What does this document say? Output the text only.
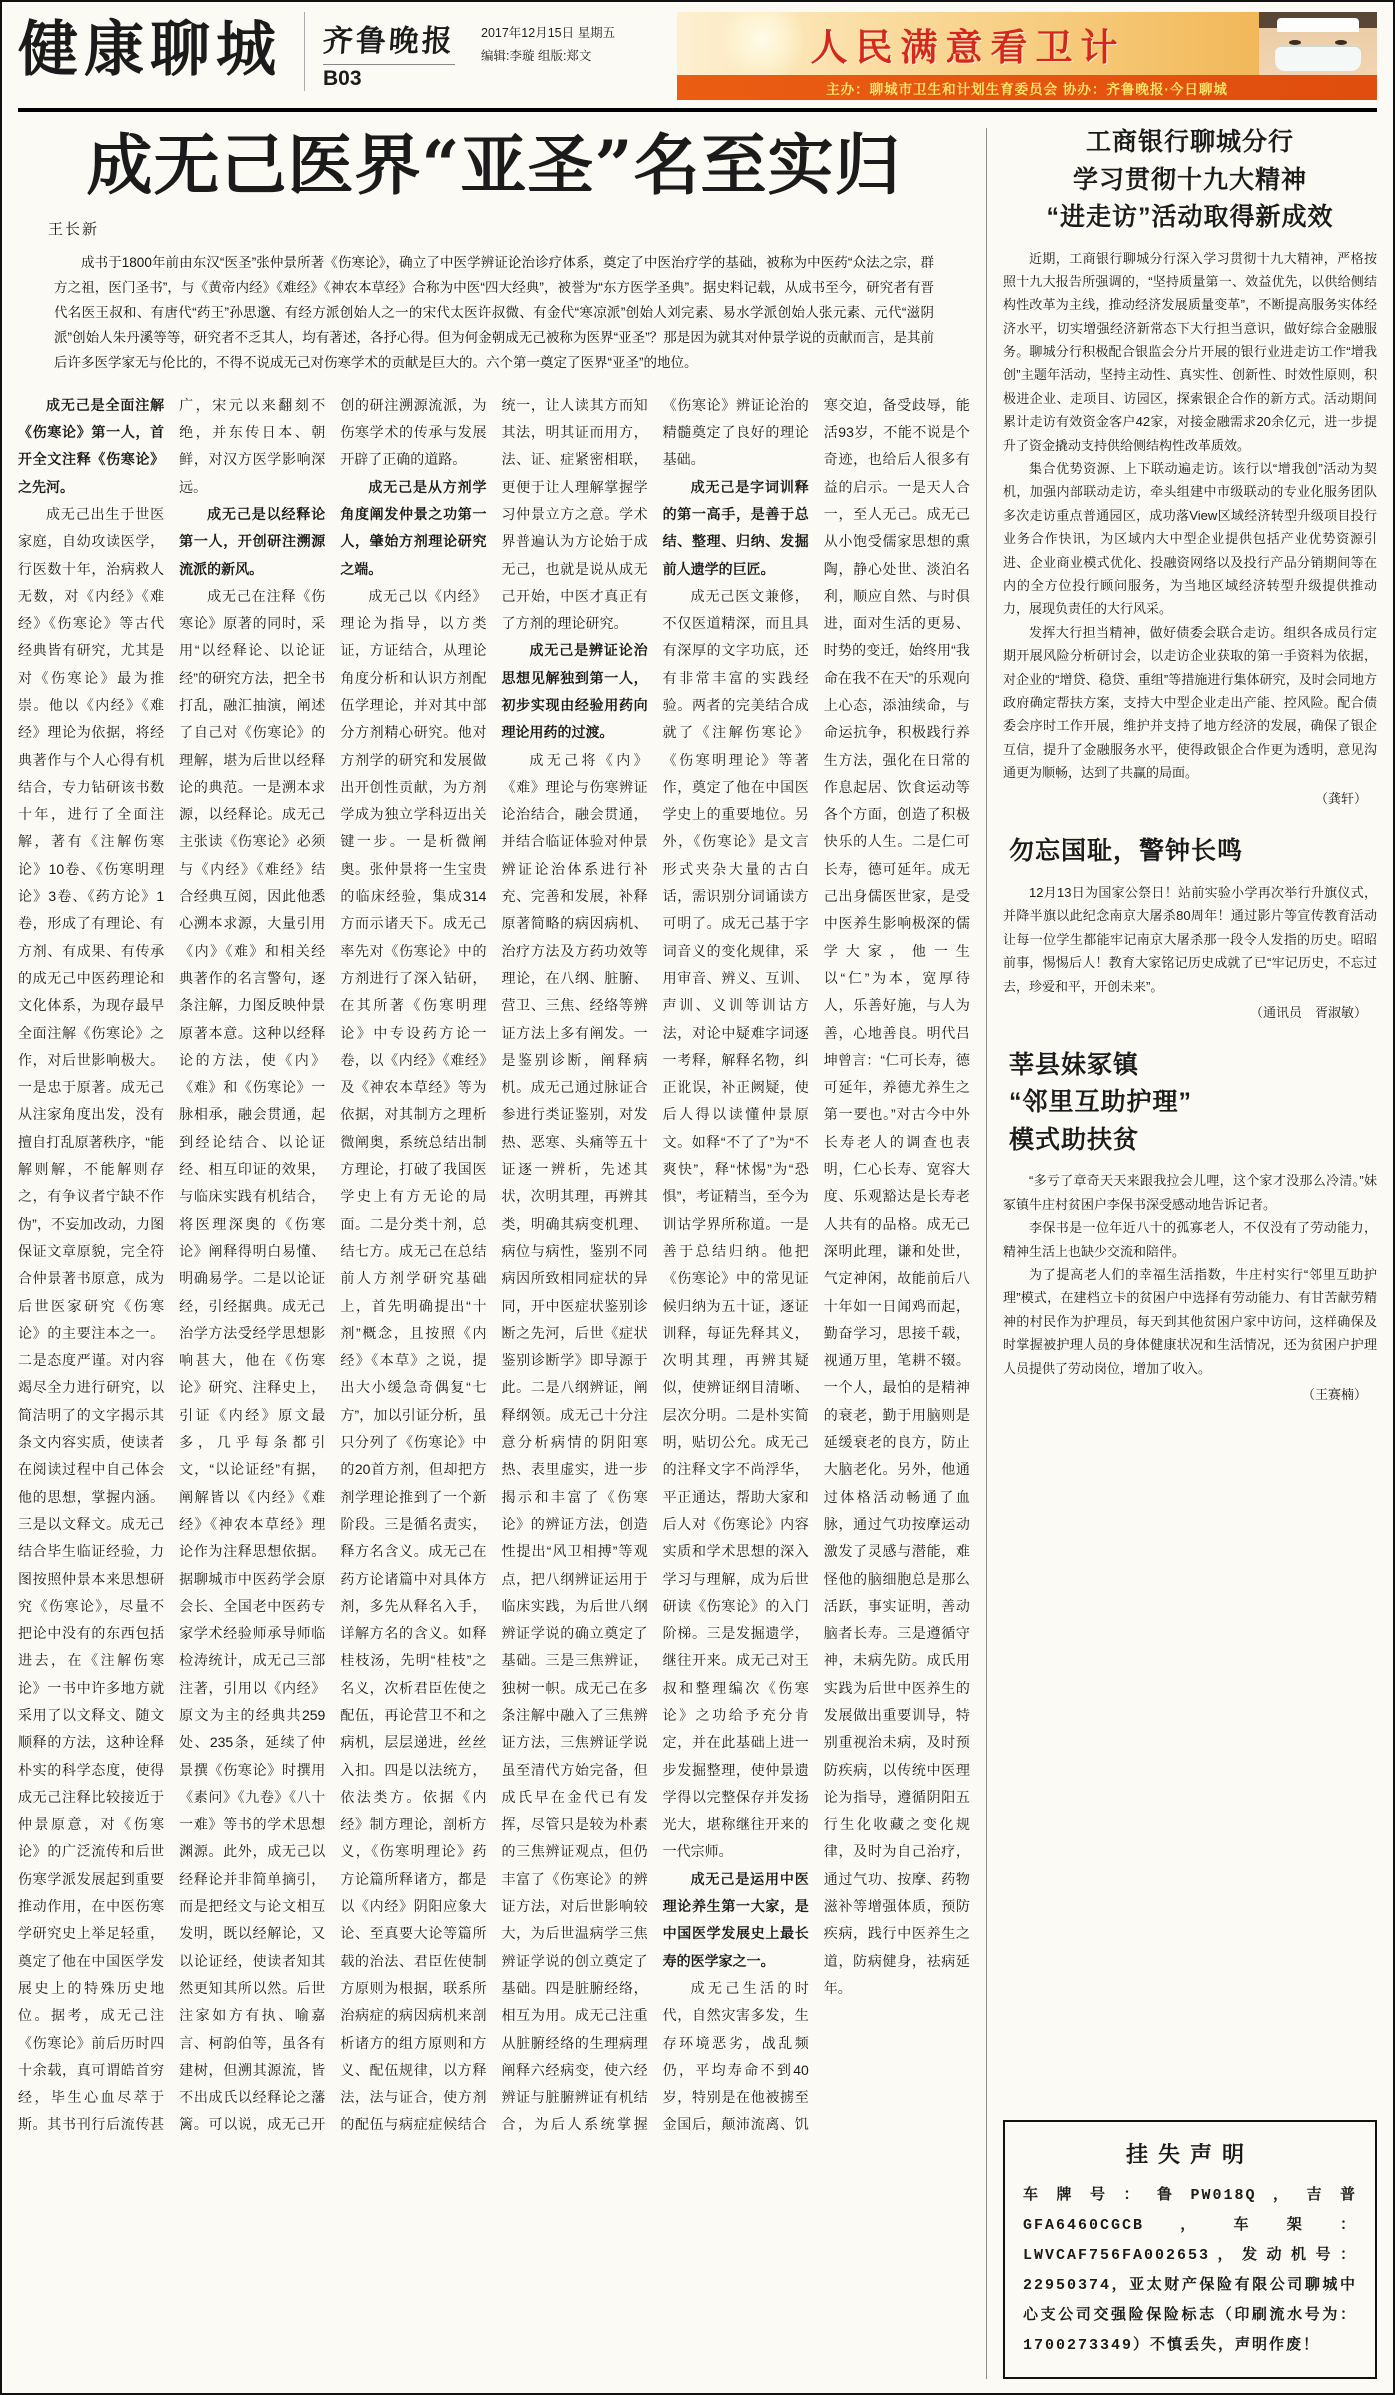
健康聊城 齐鲁晚报
B03
2017年12月15日 星期五
编辑:李璇 组版:郑文	人民满意看卫计
主办：聊城市卫生和计划生育委员会 协办：齐鲁晚报·今日聊城
成无己医界“亚圣”名至实归
王长新

成书于1800年前由东汉“医圣”张仲景所著《伤寒论》，确立了中医学辨证论治诊疗体系，奠定了中医治疗学的基础，被称为中医药“众法之宗，群方之祖，医门圣书”，与《黄帝内经》《难经》《神农本草经》合称为中医“四大经典”，被誉为“东方医学圣典”。据史料记载，从成书至今，研究者有晋代名医王叔和、有唐代“药王”孙思邈、有经方派创始人之一的宋代太医许叔微、有金代“寒凉派”创始人刘完素、易水学派创始人张元素、元代“滋阴派”创始人朱丹溪等等，研究者不乏其人，均有著述，各抒心得。但为何金朝成无己被称为医界“亚圣”？那是因为就其对仲景学说的贡献而言，是其前后许多医学家无与伦比的，不得不说成无己对伤寒学术的贡献是巨大的。六个第一奠定了医界“亚圣”的地位。

成无己是全面注解《伤寒论》第一人，首开全文注释《伤寒论》之先河。

成无己出生于世医家庭，自幼攻读医学，行医数十年，治病救人无数，对《内经》《难经》《伤寒论》等古代经典皆有研究，尤其是对《伤寒论》最为推崇。他以《内经》《难经》理论为依据，将经典著作与个人心得有机结合，专力钻研该书数十年，进行了全面注解，著有《注解伤寒论》10卷、《伤寒明理论》3卷、《药方论》1卷，形成了有理论、有方剂、有成果、有传承的成无己中医药理论和文化体系，为现存最早全面注解《伤寒论》之作，对后世影响极大。一是忠于原著。成无己从注家角度出发，没有擅自打乱原著秩序，“能解则解，不能解则存之，有争议者宁缺不作伪”，不妄加改动，力图保证文章原貌，完全符合仲景著书原意，成为后世医家研究《伤寒论》的主要注本之一。二是态度严谨。对内容竭尽全力进行研究，以简洁明了的文字揭示其条文内容实质，使读者在阅读过程中自己体会他的思想，掌握内涵。三是以文释文。成无己结合毕生临证经验，力图按照仲景本来思想研究《伤寒论》，尽量不把论中没有的东西包括进去，在《注解伤寒论》一书中许多地方就采用了以文释文、随文顺释的方法，这种诠释朴实的科学态度，使得成无己注释比较接近于仲景原意，对《伤寒论》的广泛流传和后世伤寒学派发展起到重要推动作用，在中医伤寒学研究史上举足轻重，奠定了他在中国医学发展史上的特殊历史地位。据考，成无己注《伤寒论》前后历时四十余载，真可谓皓首穷经，毕生心血尽萃于斯。其书刊行后流传甚广，宋元以来翻刻不绝，并东传日本、朝鲜，对汉方医学影响深远。

成无己是以经释论第一人，开创研注溯源流派的新风。

成无己在注释《伤寒论》原著的同时，采用“以经释论、以论证经”的研究方法，把全书打乱，融汇抽演，阐述了自己对《伤寒论》的理解，堪为后世以经释论的典范。一是溯本求源，以经释论。成无己主张读《伤寒论》必须与《内经》《难经》结合经典互阅，因此他悉心溯本求源，大量引用《内》《难》和相关经典著作的名言警句，逐条注解，力图反映仲景原著本意。这种以经释论的方法，使《内》《难》和《伤寒论》一脉相承，融会贯通，起到经论结合、以论证经、相互印证的效果，与临床实践有机结合，将医理深奥的《伤寒论》阐释得明白易懂、明确易学。二是以论证经，引经据典。成无己治学方法受经学思想影响甚大，他在《伤寒论》研究、注释史上，引证《内经》原文最多，几乎每条都引文，“以论证经”有据，阐解皆以《内经》《难经》《神农本草经》理论作为注释思想依据。据聊城市中医药学会原会长、全国老中医药专家学术经验师承导师临检涛统计，成无己三部注著，引用以《内经》原文为主的经典共259处、235条，延续了仲景撰《伤寒论》时撰用《素问》《九卷》《八十一难》等书的学术思想渊源。此外，成无己以经释论并非简单摘引，而是把经文与论文相互发明，既以经解论，又以论证经，使读者知其然更知其所以然。后世注家如方有执、喻嘉言、柯韵伯等，虽各有建树，但溯其源流，皆不出成氏以经释论之藩篱。可以说，成无己开创的研注溯源流派，为伤寒学术的传承与发展开辟了正确的道路。

成无己是从方剂学角度阐发仲景之功第一人，肇始方剂理论研究之端。

成无己以《内经》理论为指导，以方类证，方证结合，从理论角度分析和认识方剂配伍学理论，并对其中部分方剂精心研究。他对方剂学的研究和发展做出开创性贡献，为方剂学成为独立学科迈出关键一步。一是析微阐奥。张仲景将一生宝贵的临床经验，集成314方而示诸天下。成无己率先对《伤寒论》中的方剂进行了深入钻研，在其所著《伤寒明理论》中专设药方论一卷，以《内经》《难经》及《神农本草经》等为依据，对其制方之理析微阐奥，系统总结出制方理论，打破了我国医学史上有方无论的局面。二是分类十剂，总结七方。成无己在总结前人方剂学研究基础上，首先明确提出“十剂”概念，且按照《内经》《本草》之说，提出大小缓急奇偶复“七方”，加以引证分析，虽只分列了《伤寒论》中的20首方剂，但却把方剂学理论推到了一个新阶段。三是循名责实，释方名含义。成无己在药方论诸篇中对具体方剂，多先从释名入手，详解方名的含义。如释桂枝汤，先明“桂枝”之名义，次析君臣佐使之配伍，再论营卫不和之病机，层层递进，丝丝入扣。四是以法统方，依法类方。依据《内经》制方理论，剖析方义，《伤寒明理论》药方论篇所释诸方，都是以《内经》阴阳应象大论、至真要大论等篇所载的治法、君臣佐使制方原则为根据，联系所治病症的病因病机来剖析诸方的组方原则和方义、配伍规律，以方释法，法与证合，使方剂的配伍与病症症候结合统一，让人读其方而知其法，明其证而用方，法、证、症紧密相联，更便于让人理解掌握学习仲景立方之意。学术界普遍认为方论始于成无己，也就是说从成无己开始，中医才真正有了方剂的理论研究。

成无己是辨证论治思想见解独到第一人，初步实现由经验用药向理论用药的过渡。

成无己将《内》《难》理论与伤寒辨证论治结合，融会贯通，并结合临证体验对仲景辨证论治体系进行补充、完善和发展，补释原著简略的病因病机、治疗方法及方药功效等理论，在八纲、脏腑、营卫、三焦、经络等辨证方法上多有阐发。一是鉴别诊断，阐释病机。成无己通过脉证合参进行类证鉴别，对发热、恶寒、头痛等五十证逐一辨析，先述其状，次明其理，再辨其类，明确其病变机理、病位与病性，鉴别不同病因所致相同症状的异同，开中医症状鉴别诊断之先河，后世《症状鉴别诊断学》即导源于此。二是八纲辨证，阐释纲领。成无己十分注意分析病情的阴阳寒热、表里虚实，进一步揭示和丰富了《伤寒论》的辨证方法，创造性提出“风卫相搏”等观点，把八纲辨证运用于临床实践，为后世八纲辨证学说的确立奠定了基础。三是三焦辨证，独树一帜。成无己在多条注解中融入了三焦辨证方法，三焦辨证学说虽至清代方始完备，但成氏早在金代已有发挥，尽管只是较为朴素的三焦辨证观点，但仍丰富了《伤寒论》的辨证方法，对后世影响较大，为后世温病学三焦辨证学说的创立奠定了基础。四是脏腑经络，相互为用。成无己注重从脏腑经络的生理病理阐释六经病变，使六经辨证与脏腑辨证有机结合，为后人系统掌握《伤寒论》辨证论治的精髓奠定了良好的理论基础。

成无己是字词训释的第一高手，是善于总结、整理、归纳、发掘前人遗学的巨匠。

成无己医文兼修，不仅医道精深，而且具有深厚的文字功底，还有非常丰富的实践经验。两者的完美结合成就了《注解伤寒论》《伤寒明理论》等著作，奠定了他在中国医学史上的重要地位。另外，《伤寒论》是文言形式夹杂大量的古白话，需识别分词诵读方可明了。成无己基于字词音义的变化规律，采用审音、辨义、互训、声训、义训等训诂方法，对论中疑难字词逐一考释，解释名物，纠正讹误，补正阙疑，使后人得以读懂仲景原文。如释“不了了”为“不爽快”，释“怵惕”为“恐惧”，考证精当，至今为训诂学界所称道。一是善于总结归纳。他把《伤寒论》中的常见证候归纳为五十证，逐证训释，每证先释其义，次明其理，再辨其疑似，使辨证纲目清晰、层次分明。二是朴实简明，贴切公允。成无己的注释文字不尚浮华，平正通达，帮助大家和后人对《伤寒论》内容实质和学术思想的深入学习与理解，成为后世研读《伤寒论》的入门阶梯。三是发掘遗学，继往开来。成无己对王叔和整理编次《伤寒论》之功给予充分肯定，并在此基础上进一步发掘整理，使仲景遗学得以完整保存并发扬光大，堪称继往开来的一代宗师。

成无己是运用中医理论养生第一大家，是中国医学发展史上最长寿的医学家之一。

成无己生活的时代，自然灾害多发，生存环境恶劣，战乱频仍，平均寿命不到40岁，特别是在他被掳至金国后，颠沛流离、饥寒交迫，备受歧辱，能活93岁，不能不说是个奇迹，也给后人很多有益的启示。一是天人合一，至人无己。成无己从小饱受儒家思想的熏陶，静心处世、淡泊名利，顺应自然、与时俱进，面对生活的更易、时势的变迁，始终用“我命在我不在天”的乐观向上心态，添油续命，与命运抗争，积极践行养生方法，强化在日常的作息起居、饮食运动等各个方面，创造了积极快乐的人生。二是仁可长寿，德可延年。成无己出身儒医世家，是受中医养生影响极深的儒学大家，他一生以“仁”为本，宽厚待人，乐善好施，与人为善，心地善良。明代吕坤曾言：“仁可长寿，德可延年，养德尤养生之第一要也。”对古今中外长寿老人的调查也表明，仁心长寿、宽容大度、乐观豁达是长寿老人共有的品格。成无己深明此理，谦和处世，气定神闲，故能前后八十年如一日闻鸡而起，勤奋学习，思接千载，视通万里，笔耕不辍。一个人，最怕的是精神的衰老，勤于用脑则是延缓衰老的良方，防止大脑老化。另外，他通过体格活动畅通了血脉，通过气功按摩运动激发了灵感与潜能，难怪他的脑细胞总是那么活跃，事实证明，善动脑者长寿。三是遵循守神，未病先防。成氏用实践为后世中医养生的发展做出重要训导，特别重视治未病，及时预防疾病，以传统中医理论为指导，遵循阴阳五行生化收藏之变化规律，及时为自己治疗，通过气功、按摩、药物滋补等增强体质，预防疾病，践行中医养生之道，防病健身，祛病延年。

工商银行聊城分行
学习贯彻十九大精神
“进走访”活动取得新成效

近期，工商银行聊城分行深入学习贯彻十九大精神，严格按照十九大报告所强调的，“坚持质量第一、效益优先，以供给侧结构性改革为主线，推动经济发展质量变革”，不断提高服务实体经济水平，切实增强经济新常态下大行担当意识，做好综合金融服务。聊城分行积极配合银监会分片开展的银行业进走访工作“增我创”主题年活动，坚持主动性、真实性、创新性、时效性原则，积极进企业、走项目、访园区，探索银企合作的新方式。活动期间累计走访有效资金客户42家，对接金融需求20余亿元，进一步提升了资金撬动支持供给侧结构性改革质效。

集合优势资源、上下联动遍走访。该行以“增我创”活动为契机，加强内部联动走访，牵头组建中市级联动的专业化服务团队多次走访重点普通园区，成功落View区域经济转型升级项目投行业务合作快讯，为区域内大中型企业提供包括产业优势资源引进、企业商业模式优化、投融资网络以及投行产品分销期间等在内的全方位投行顾问服务，为当地区域经济转型升级提供推动力，展现负责任的大行风采。

发挥大行担当精神，做好债委会联合走访。组织各成员行定期开展风险分析研讨会，以走访企业获取的第一手资料为依据，对企业的“增贷、稳贷、重组”等措施进行集体研究，及时会同地方政府确定帮扶方案，支持大中型企业走出产能、控风险。配合债委会序时工作开展，维护并支持了地方经济的发展，确保了银企互信，提升了金融服务水平，使得政银企合作更为透明，意见沟通更为顺畅，达到了共赢的局面。

（龚轩）
勿忘国耻，警钟长鸣

12月13日为国家公祭日！站前实验小学再次举行升旗仪式，并降半旗以此纪念南京大屠杀80周年！通过影片等宣传教育活动让每一位学生都能牢记南京大屠杀那一段令人发指的历史。昭昭前事，惕惕后人！教育大家铭记历史成就了已“牢记历史，不忘过去，珍爱和平，开创未来”。

（通讯员　胥淑敏）
莘县妹冢镇
“邻里互助护理”
模式助扶贫

“多亏了章奇天天来跟我拉会儿哩，这个家才没那么冷清。”妹冢镇牛庄村贫困户李保书深受感动地告诉记者。

李保书是一位年近八十的孤寡老人，不仅没有了劳动能力，精神生活上也缺少交流和陪伴。

为了提高老人们的幸福生活指数，牛庄村实行“邻里互助护理”模式，在建档立卡的贫困户中选择有劳动能力、有甘苦献劳精神的村民作为护理员，每天到其他贫困户家中访问，这样确保及时掌握被护理人员的身体健康状况和生活情况，还为贫困户护理人员提供了劳动岗位，增加了收入。

（王赛楠）
挂失声明
车牌号：鲁PW018Q，吉普GFA6460CGCB，车架：LWVCAF756FA002653，发动机号：22950374，亚太财产保险有限公司聊城中心支公司交强险保险标志（印刷流水号为：1700273349）不慎丢失，声明作废！
